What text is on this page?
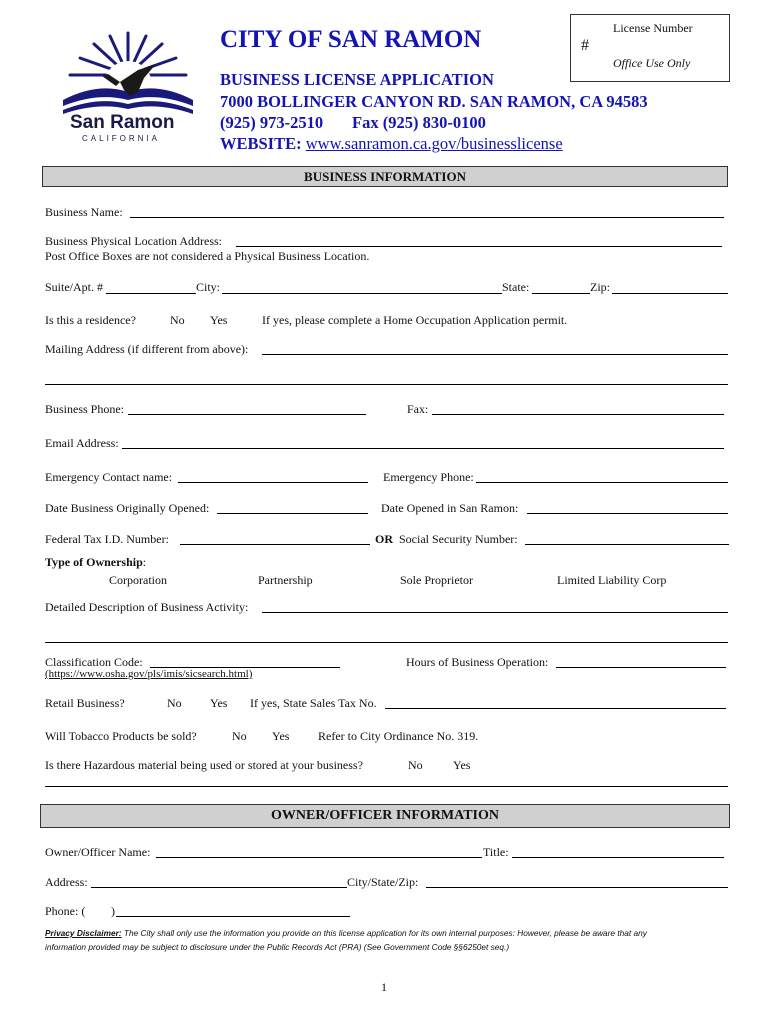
San Ramon
CALIFORNIA
CITY OF SAN RAMON
BUSINESS LICENSE APPLICATION
7000 BOLLINGER CANYON RD. SAN RAMON, CA 94583
(925) 973-2510 Fax (925) 830-0100
WEBSITE: www.sanramon.ca.gov/businesslicense
License Number
#
Office Use Only
BUSINESS INFORMATION
Business Name:
Business Physical Location Address:
Post Office Boxes are not considered a Physical Business Location.
Suite/Apt. #	City:	State:	Zip:
Is this a residence?	No Yes	If yes, please complete a Home Occupation Application permit.
Mailing Address (if different from above):
Business Phone:	Fax:
Email Address:
Emergency Contact name:	Emergency Phone:
Date Business Originally Opened:	Date Opened in San Ramon:
Federal Tax I.D. Number:	OR Social Security Number:
Type of Ownership:
Corporation	Partnership	Sole Proprietor	Limited Liability Corp
Detailed Description of Business Activity:
Classification Code:
(https://www.osha.gov/pls/imis/sicsearch.html)
Hours of Business Operation:
Retail Business?	No Yes If yes, State Sales Tax No.
Will Tobacco Products be sold?	No Yes Refer to City Ordinance No. 319.
Is there Hazardous material being used or stored at your business?	No	Yes
OWNER/OFFICER INFORMATION
Owner/Officer Name:	Title:
Address:	City/State/Zip:
Phone: ( )
Privacy Disclaimer: The City shall only use the information you provide on this license application for its own internal purposes: However, please be aware that any
information provided may be subject to disclosure under the Public Records Act (PRA) (See Government Code §§6250et seq.)
1
